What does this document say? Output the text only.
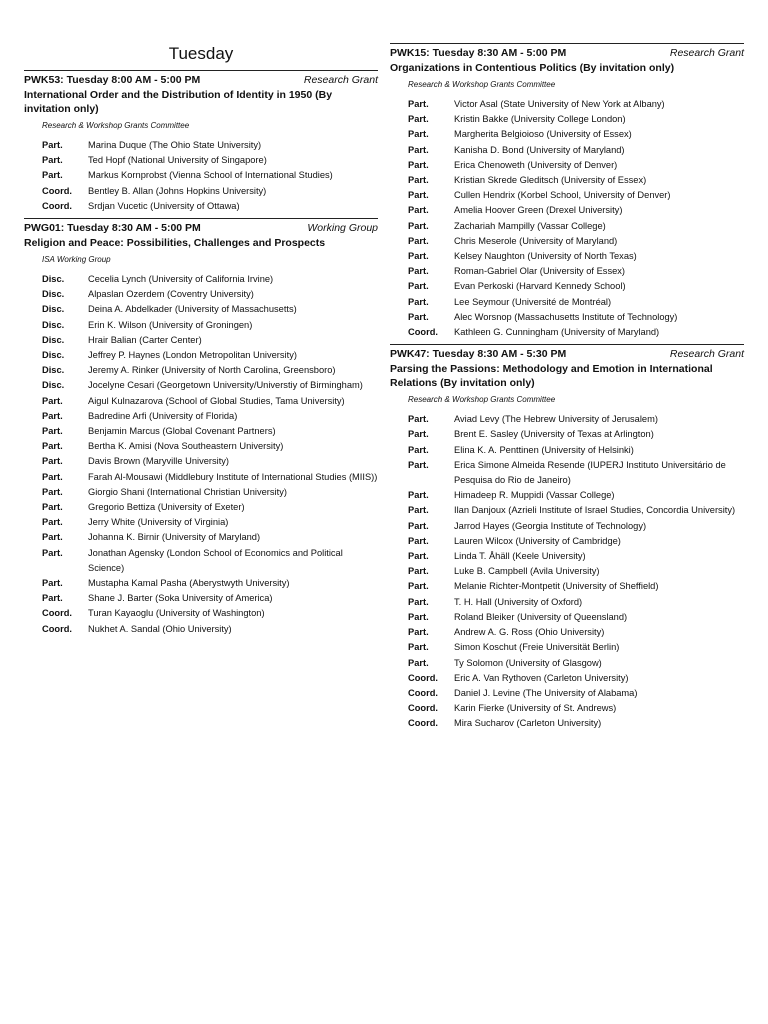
Tuesday
PWK53: Tuesday 8:00 AM - 5:00 PM	Research Grant
International Order and the Distribution of Identity in 1950 (By invitation only)
Research & Workshop Grants Committee
Part.	Marina Duque (The Ohio State University)
Part.	Ted Hopf (National University of Singapore)
Part.	Markus Kornprobst (Vienna School of International Studies)
Coord.	Bentley B. Allan (Johns Hopkins University)
Coord.	Srdjan Vucetic (University of Ottawa)
PWG01: Tuesday 8:30 AM - 5:00 PM	Working Group
Religion and Peace: Possibilities, Challenges and Prospects
ISA Working Group
Disc.	Cecelia Lynch (University of California Irvine)
Disc.	Alpaslan Ozerdem (Coventry University)
Disc.	Deina A. Abdelkader (University of Massachusetts)
Disc.	Erin K. Wilson (University of Groningen)
Disc.	Hrair Balian (Carter Center)
Disc.	Jeffrey P. Haynes (London Metropolitan University)
Disc.	Jeremy A. Rinker (University of North Carolina, Greensboro)
Disc.	Jocelyne Cesari (Georgetown University/Universtiy of Birmingham)
Part.	Aigul Kulnazarova (School of Global Studies, Tama University)
Part.	Badredine Arfi (University of Florida)
Part.	Benjamin Marcus (Global Covenant Partners)
Part.	Bertha K. Amisi (Nova Southeastern University)
Part.	Davis Brown (Maryville University)
Part.	Farah Al-Mousawi (Middlebury Institute of International Studies (MIIS))
Part.	Giorgio Shani (International Christian University)
Part.	Gregorio Bettiza (University of Exeter)
Part.	Jerry White (University of Virginia)
Part.	Johanna K. Birnir (University of Maryland)
Part.	Jonathan Agensky (London School of Economics and Political Science)
Part.	Mustapha Kamal Pasha (Aberystwyth University)
Part.	Shane J. Barter (Soka University of America)
Coord.	Turan Kayaoglu (University of Washington)
Coord.	Nukhet A. Sandal (Ohio University)
PWK15: Tuesday 8:30 AM - 5:00 PM	Research Grant
Organizations in Contentious Politics (By invitation only)
Research & Workshop Grants Committee
Part.	Victor Asal (State University of New York at Albany)
Part.	Kristin Bakke (University College London)
Part.	Margherita Belgioioso (University of Essex)
Part.	Kanisha D. Bond (University of Maryland)
Part.	Erica Chenoweth (University of Denver)
Part.	Kristian Skrede Gleditsch (University of Essex)
Part.	Cullen Hendrix (Korbel School, University of Denver)
Part.	Amelia Hoover Green (Drexel University)
Part.	Zachariah Mampilly (Vassar College)
Part.	Chris Meserole (University of Maryland)
Part.	Kelsey Naughton (University of North Texas)
Part.	Roman-Gabriel Olar (University of Essex)
Part.	Evan Perkoski (Harvard Kennedy School)
Part.	Lee Seymour (Université de Montréal)
Part.	Alec Worsnop (Massachusetts Institute of Technology)
Coord.	Kathleen G. Cunningham (University of Maryland)
PWK47: Tuesday 8:30 AM - 5:30 PM	Research Grant
Parsing the Passions: Methodology and Emotion in International Relations (By invitation only)
Research & Workshop Grants Committee
Part.	Aviad Levy (The Hebrew University of Jerusalem)
Part.	Brent E. Sasley (University of Texas at Arlington)
Part.	Elina K. A. Penttinen (University of Helsinki)
Part.	Erica Simone Almeida Resende (IUPERJ Instituto Universitário de Pesquisa do Rio de Janeiro)
Part.	Himadeep R. Muppidi (Vassar College)
Part.	Ilan Danjoux (Azrieli Institute of Israel Studies, Concordia University)
Part.	Jarrod Hayes (Georgia Institute of Technology)
Part.	Lauren Wilcox (University of Cambridge)
Part.	Linda T. Åhäll (Keele University)
Part.	Luke B. Campbell (Avila University)
Part.	Melanie Richter-Montpetit (University of Sheffield)
Part.	T. H. Hall (University of Oxford)
Part.	Roland Bleiker (University of Queensland)
Part.	Andrew A. G. Ross (Ohio University)
Part.	Simon Koschut (Freie Universität Berlin)
Part.	Ty Solomon (University of Glasgow)
Coord.	Eric A. Van Rythoven (Carleton University)
Coord.	Daniel J. Levine (The University of Alabama)
Coord.	Karin Fierke (University of St. Andrews)
Coord.	Mira Sucharov (Carleton University)
